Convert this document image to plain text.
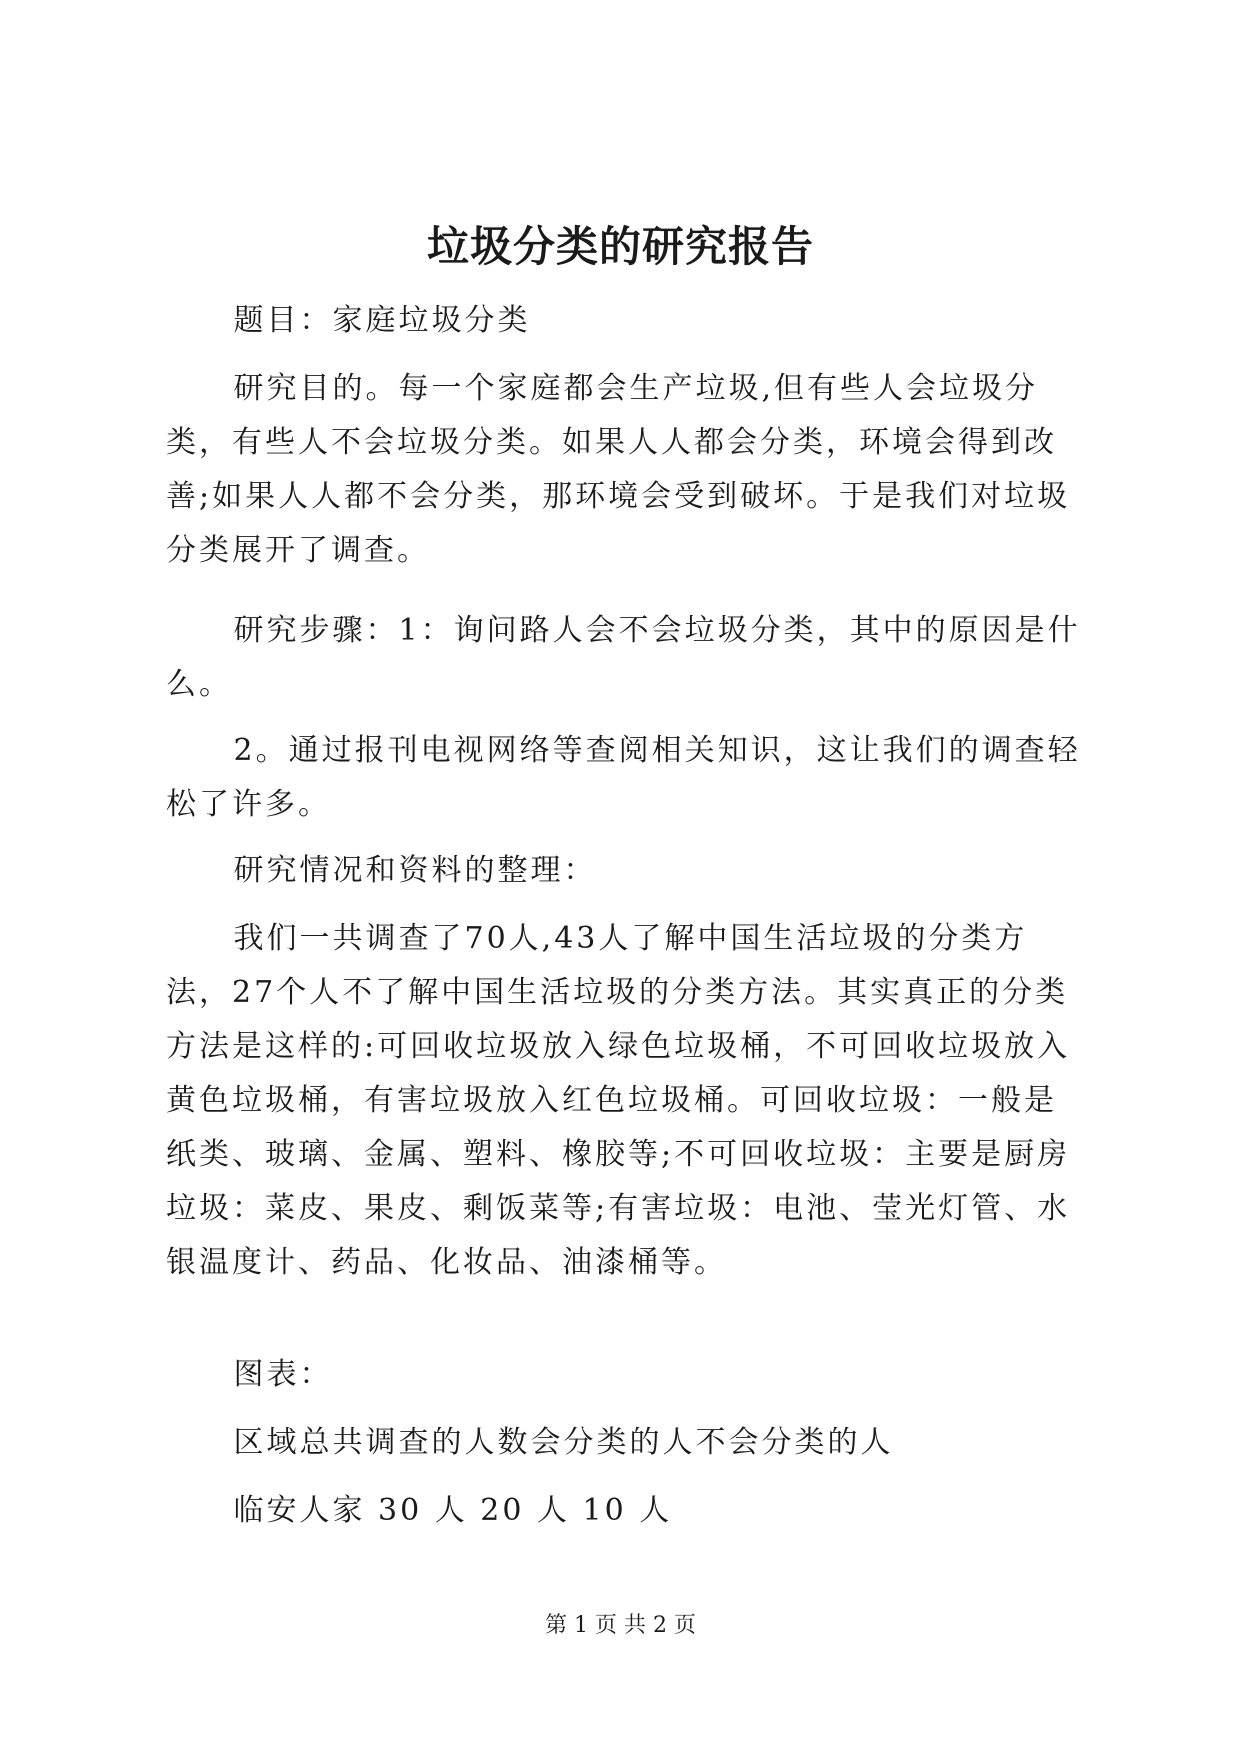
垃圾分类的研究报告

题目：家庭垃圾分类

研究目的。每一个家庭都会生产垃圾,但有些人会垃圾分类，有些人不会垃圾分类。如果人人都会分类，环境会得到改善;如果人人都不会分类，那环境会受到破坏。于是我们对垃圾分类展开了调查。

研究步骤：1：询问路人会不会垃圾分类，其中的原因是什么。

2。通过报刊电视网络等查阅相关知识，这让我们的调查轻松了许多。

研究情况和资料的整理：

我们一共调查了70人,43人了解中国生活垃圾的分类方法，27个人不了解中国生活垃圾的分类方法。其实真正的分类方法是这样的:可回收垃圾放入绿色垃圾桶，不可回收垃圾放入黄色垃圾桶，有害垃圾放入红色垃圾桶。可回收垃圾：一般是纸类、玻璃、金属、塑料、橡胶等;不可回收垃圾：主要是厨房垃圾：菜皮、果皮、剩饭菜等;有害垃圾：电池、莹光灯管、水银温度计、药品、化妆品、油漆桶等。

图表：

区域总共调查的人数会分类的人不会分类的人

临安人家 30 人 20 人 10 人

第 1 页 共 2 页
